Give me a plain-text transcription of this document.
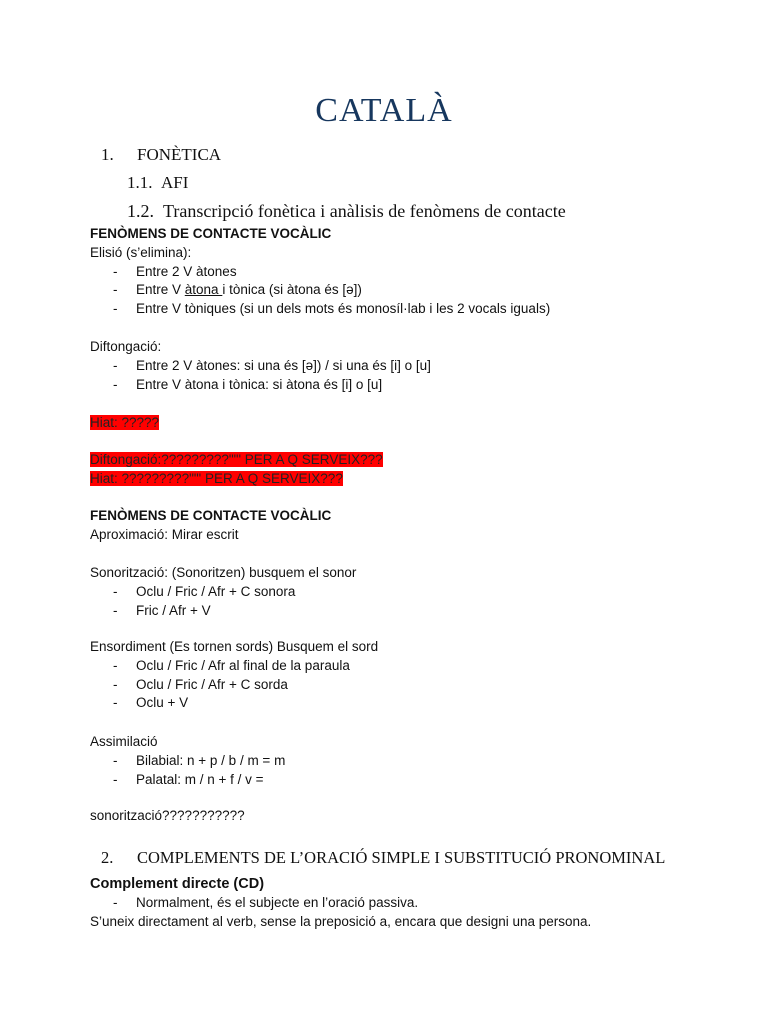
CATALÀ
1. FONÈTICA
1.1. AFI
1.2. Transcripció fonètica i anàlisis de fenòmens de contacte
FENÒMENS DE CONTACTE VOCÀLIC
Elisió (s’elimina):
- Entre 2 V àtones
- Entre V àtona i tònica (si àtona és [ə])
- Entre V tòniques (si un dels mots és monosíl·lab i les 2 vocals iguals)
Diftongació:
- Entre 2 V àtones: si una és [ə]) / si una és [i] o [u]
- Entre V àtona i tònica: si àtona és [i] o [u]
Hiat: ?????
Diftongació:?????????""' PER A Q SERVEIX???
Hiat: ?????????""' PER A Q SERVEIX???
FENÒMENS DE CONTACTE VOCÀLIC
Aproximació: Mirar escrit
Sonorització: (Sonoritzen) busquem el sonor
- Oclu / Fric / Afr + C sonora
- Fric / Afr + V
Ensordiment (Es tornen sords) Busquem el sord
- Oclu / Fric / Afr al final de la paraula
- Oclu / Fric / Afr + C sorda
- Oclu + V
Assimilació
- Bilabial: n + p / b / m = m
- Palatal: m / n + f / v =
sonorització???????????
2. COMPLEMENTS DE L’ORACIÓ SIMPLE I SUBSTITUCIÓ PRONOMINAL
Complement directe (CD)
- Normalment, és el subjecte en l’oració passiva.
S’uneix directament al verb, sense la preposició a, encara que designi una persona.
